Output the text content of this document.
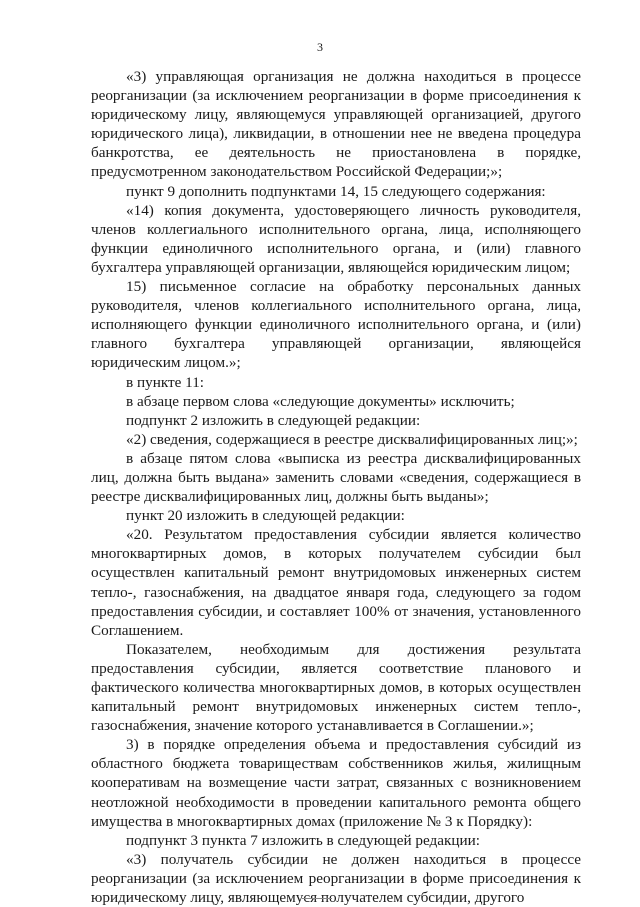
3

«3) управляющая организация не должна находиться в процессе реорганизации (за исключением реорганизации в форме присоединения к юридическому лицу, являющемуся управляющей организацией, другого юридического лица), ликвидации, в отношении нее не введена процедура банкротства, ее деятельность не приостановлена в порядке, предусмотренном законодательством Российской Федерации;»;

пункт 9 дополнить подпунктами 14, 15 следующего содержания:

«14) копия документа, удостоверяющего личность руководителя, членов коллегиального исполнительного органа, лица, исполняющего функции единоличного исполнительного органа, и (или) главного бухгалтера управляющей организации, являющейся юридическим лицом;

15) письменное согласие на обработку персональных данных руководителя, членов коллегиального исполнительного органа, лица, исполняющего функции единоличного исполнительного органа, и (или) главного бухгалтера управляющей организации, являющейся юридическим лицом.»;

в пункте 11:

в абзаце первом слова «следующие документы» исключить;

подпункт 2 изложить в следующей редакции:

«2) сведения, содержащиеся в реестре дисквалифицированных лиц;»;

в абзаце пятом слова «выписка из реестра дисквалифицированных лиц, должна быть выдана» заменить словами «сведения, содержащиеся в реестре дисквалифицированных лиц, должны быть выданы»;

пункт 20 изложить в следующей редакции:

«20. Результатом предоставления субсидии является количество многоквартирных домов, в которых получателем субсидии был осуществлен капитальный ремонт внутридомовых инженерных систем тепло-, газоснабжения, на двадцатое января года, следующего за годом предоставления субсидии, и составляет 100% от значения, установленного Соглашением.

Показателем, необходимым для достижения результата предоставления субсидии, является соответствие планового и фактического количества многоквартирных домов, в которых осуществлен капитальный ремонт внутридомовых инженерных систем тепло-, газоснабжения, значение которого устанавливается в Соглашении.»;

3) в порядке определения объема и предоставления субсидий из областного бюджета товариществам собственников жилья, жилищным кооперативам на возмещение части затрат, связанных с возникновением неотложной необходимости в проведении капитального ремонта общего имущества в многоквартирных домах (приложение № 3 к Порядку):

подпункт 3 пункта 7 изложить в следующей редакции:

«3) получатель субсидии не должен находиться в процессе реорганизации (за исключением реорганизации в форме присоединения к юридическому лицу, являющемуся получателем субсидии, другого
